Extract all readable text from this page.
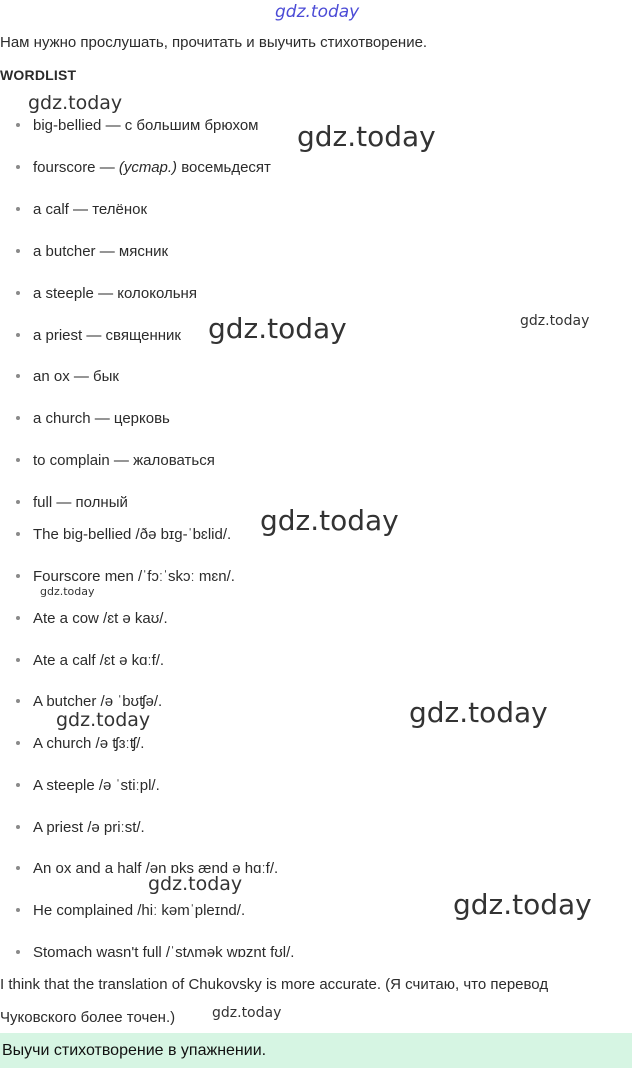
gdz.today
Нам нужно прослушать, прочитать и выучить стихотворение.
WORDLIST
big-bellied — с большим брюхом
fourscore — (устар.) восемьдесят
a calf — телёнок
a butcher — мясник
a steeple — колокольня
a priest — священник
an ox — бык
a church — церковь
to complain — жаловаться
full — полный
The big-bellied /ðə bɪg-ˈbɛlid/.
Fourscore men /ˈfɔːˈskɔː mɛn/.
Ate a cow /ɛt ə kaʊ/.
Ate a calf /ɛt ə kɑːf/.
A butcher /ə ˈbʊʧə/.
A church /ə ʧɜːʧ/.
A steeple /ə ˈstiːpl/.
A priest /ə priːst/.
An ox and a half /ən ɒks ænd ə hɑːf/.
He complained /hiː kəmˈpleɪnd/.
Stomach wasn't full /ˈstʌmək wɒznt fʊl/.
I think that the translation of Chukovsky is more accurate. (Я считаю, что перевод
Чуковского более точен.)
Выучи стихотворение в упажнении.
gdz.today
gdz.today
gdz.today	gdz.today
gdz.today
gdz.today
gdz.today
gdz.today
gdz.today
gdz.today
gdz.today
